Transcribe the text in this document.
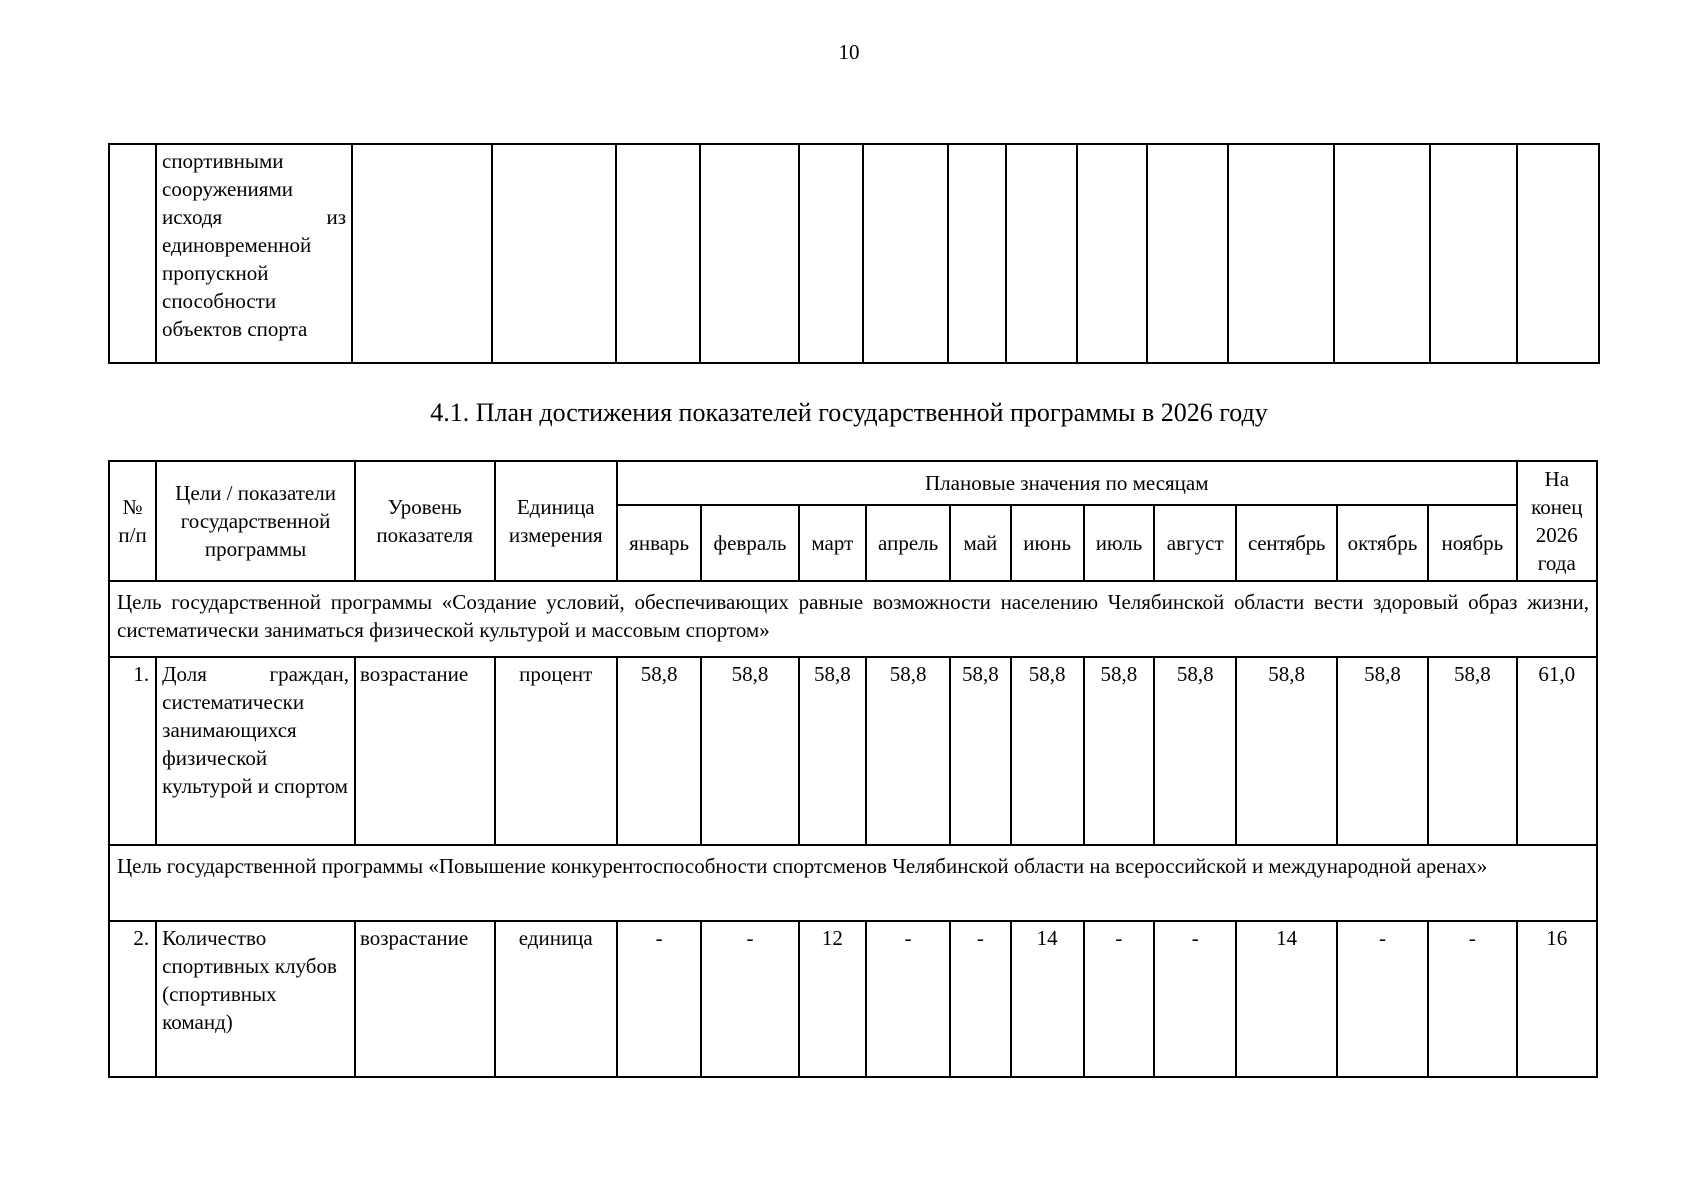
10
	спортивными сооружениями исходя из единовременной пропускной способности объектов спорта														
4.1. План достижения показателей государственной программы в 2026 году
№ п/п	Цели / показатели государственной программы	Уровень показателя	Единица измерения	Плановые значения по месяцам											На конец 2026 года
				январь	февраль	март	апрель	май	июнь	июль	август	сентябрь	октябрь	ноябрь	
Цель государственной программы «Создание условий, обеспечивающих равные возможности населению Челябинской области вести здоровый образ жизни, систематически заниматься физической культурой и массовым спортом»															
1.	Доля граждан, систематически занимающихся физической культурой и спортом	возрастание	процент	58,8	58,8	58,8	58,8	58,8	58,8	58,8	58,8	58,8	58,8	58,8	61,0
Цель государственной программы «Повышение конкурентоспособности спортсменов Челябинской области на всероссийской и международной аренах»															
2.	Количество спортивных клубов (спортивных команд)	возрастание	единица	-	-	12	-	-	14	-	-	14	-	-	16
